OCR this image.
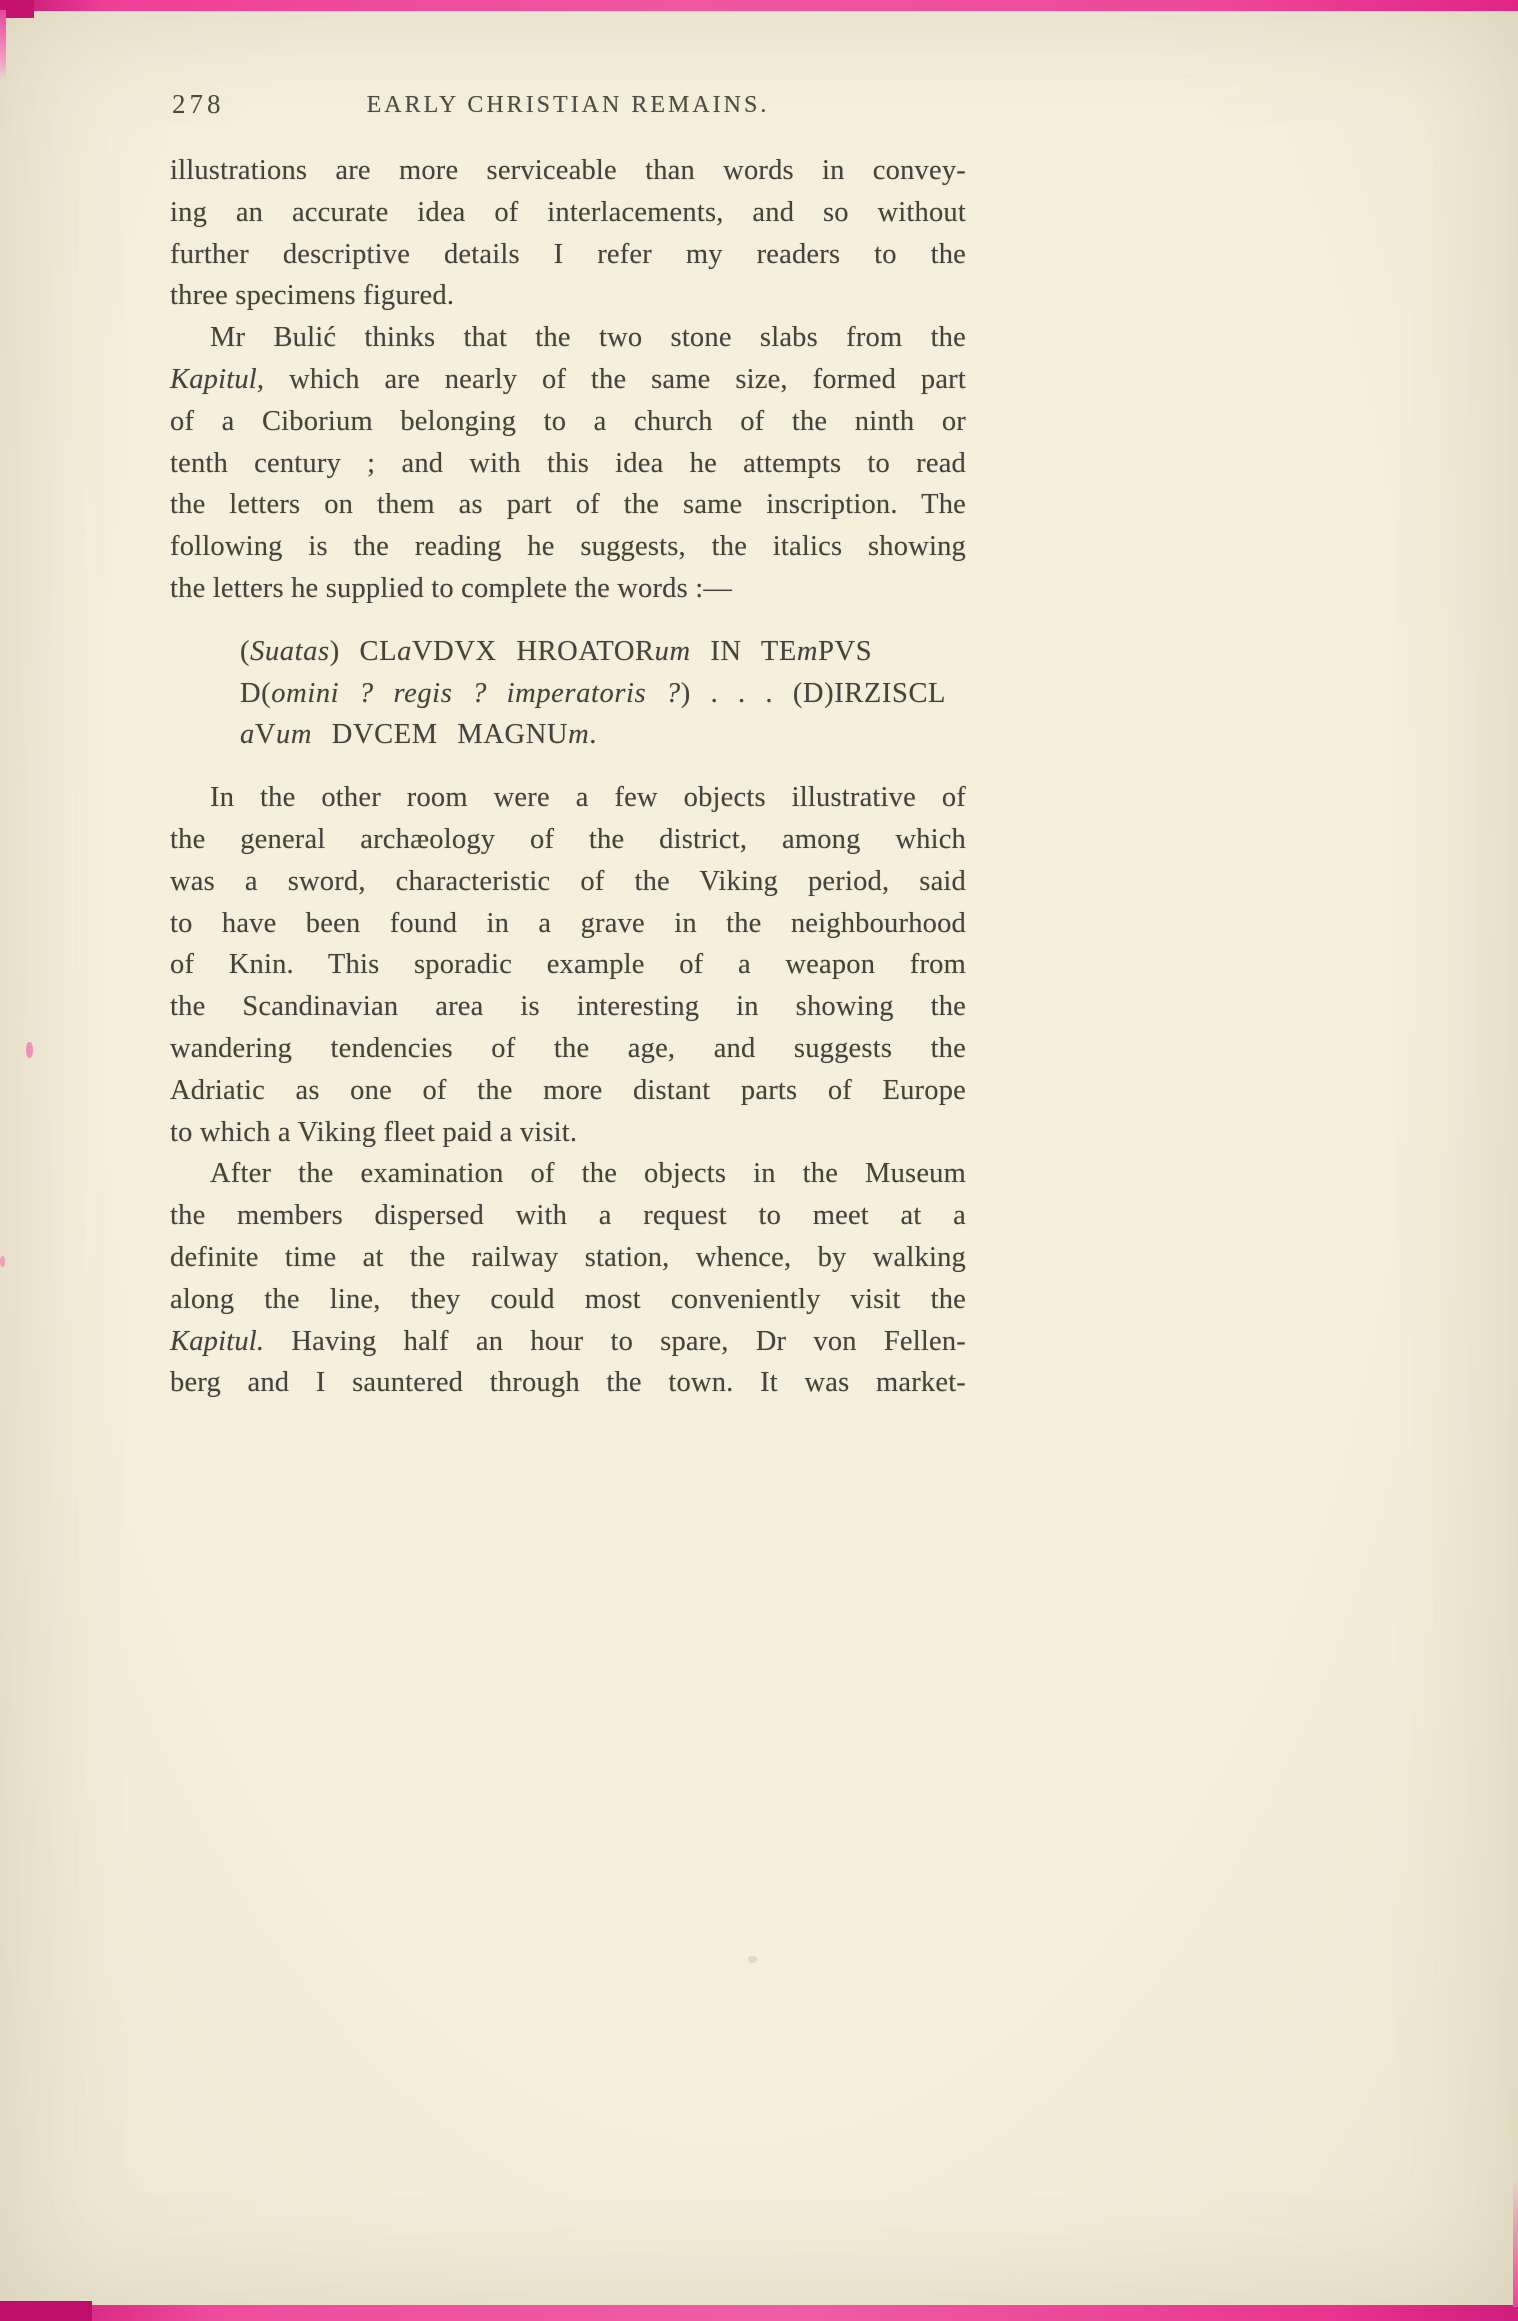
278	EARLY CHRISTIAN REMAINS.
illustrations are more serviceable than words in convey-
ing an accurate idea of interlacements, and so without
further descriptive details I refer my readers to the
three specimens figured.
Mr Bulić thinks that the two stone slabs from the
Kapitul, which are nearly of the same size, formed part
of a Ciborium belonging to a church of the ninth or
tenth century ; and with this idea he attempts to read
the letters on them as part of the same inscription. The
following is the reading he suggests, the italics showing
the letters he supplied to complete the words :—
(Suatas) CLaVDVX HROATORum IN TEmPVS
D(omini ? regis ? imperatoris ?) . . . (D)IRZISCL
aVum DVCEM MAGNUm.
In the other room were a few objects illustrative of
the general archæology of the district, among which
was a sword, characteristic of the Viking period, said
to have been found in a grave in the neighbourhood
of Knin. This sporadic example of a weapon from
the Scandinavian area is interesting in showing the
wandering tendencies of the age, and suggests the
Adriatic as one of the more distant parts of Europe
to which a Viking fleet paid a visit.
After the examination of the objects in the Museum
the members dispersed with a request to meet at a
definite time at the railway station, whence, by walking
along the line, they could most conveniently visit the
Kapitul. Having half an hour to spare, Dr von Fellen-
berg and I sauntered through the town. It was market-
